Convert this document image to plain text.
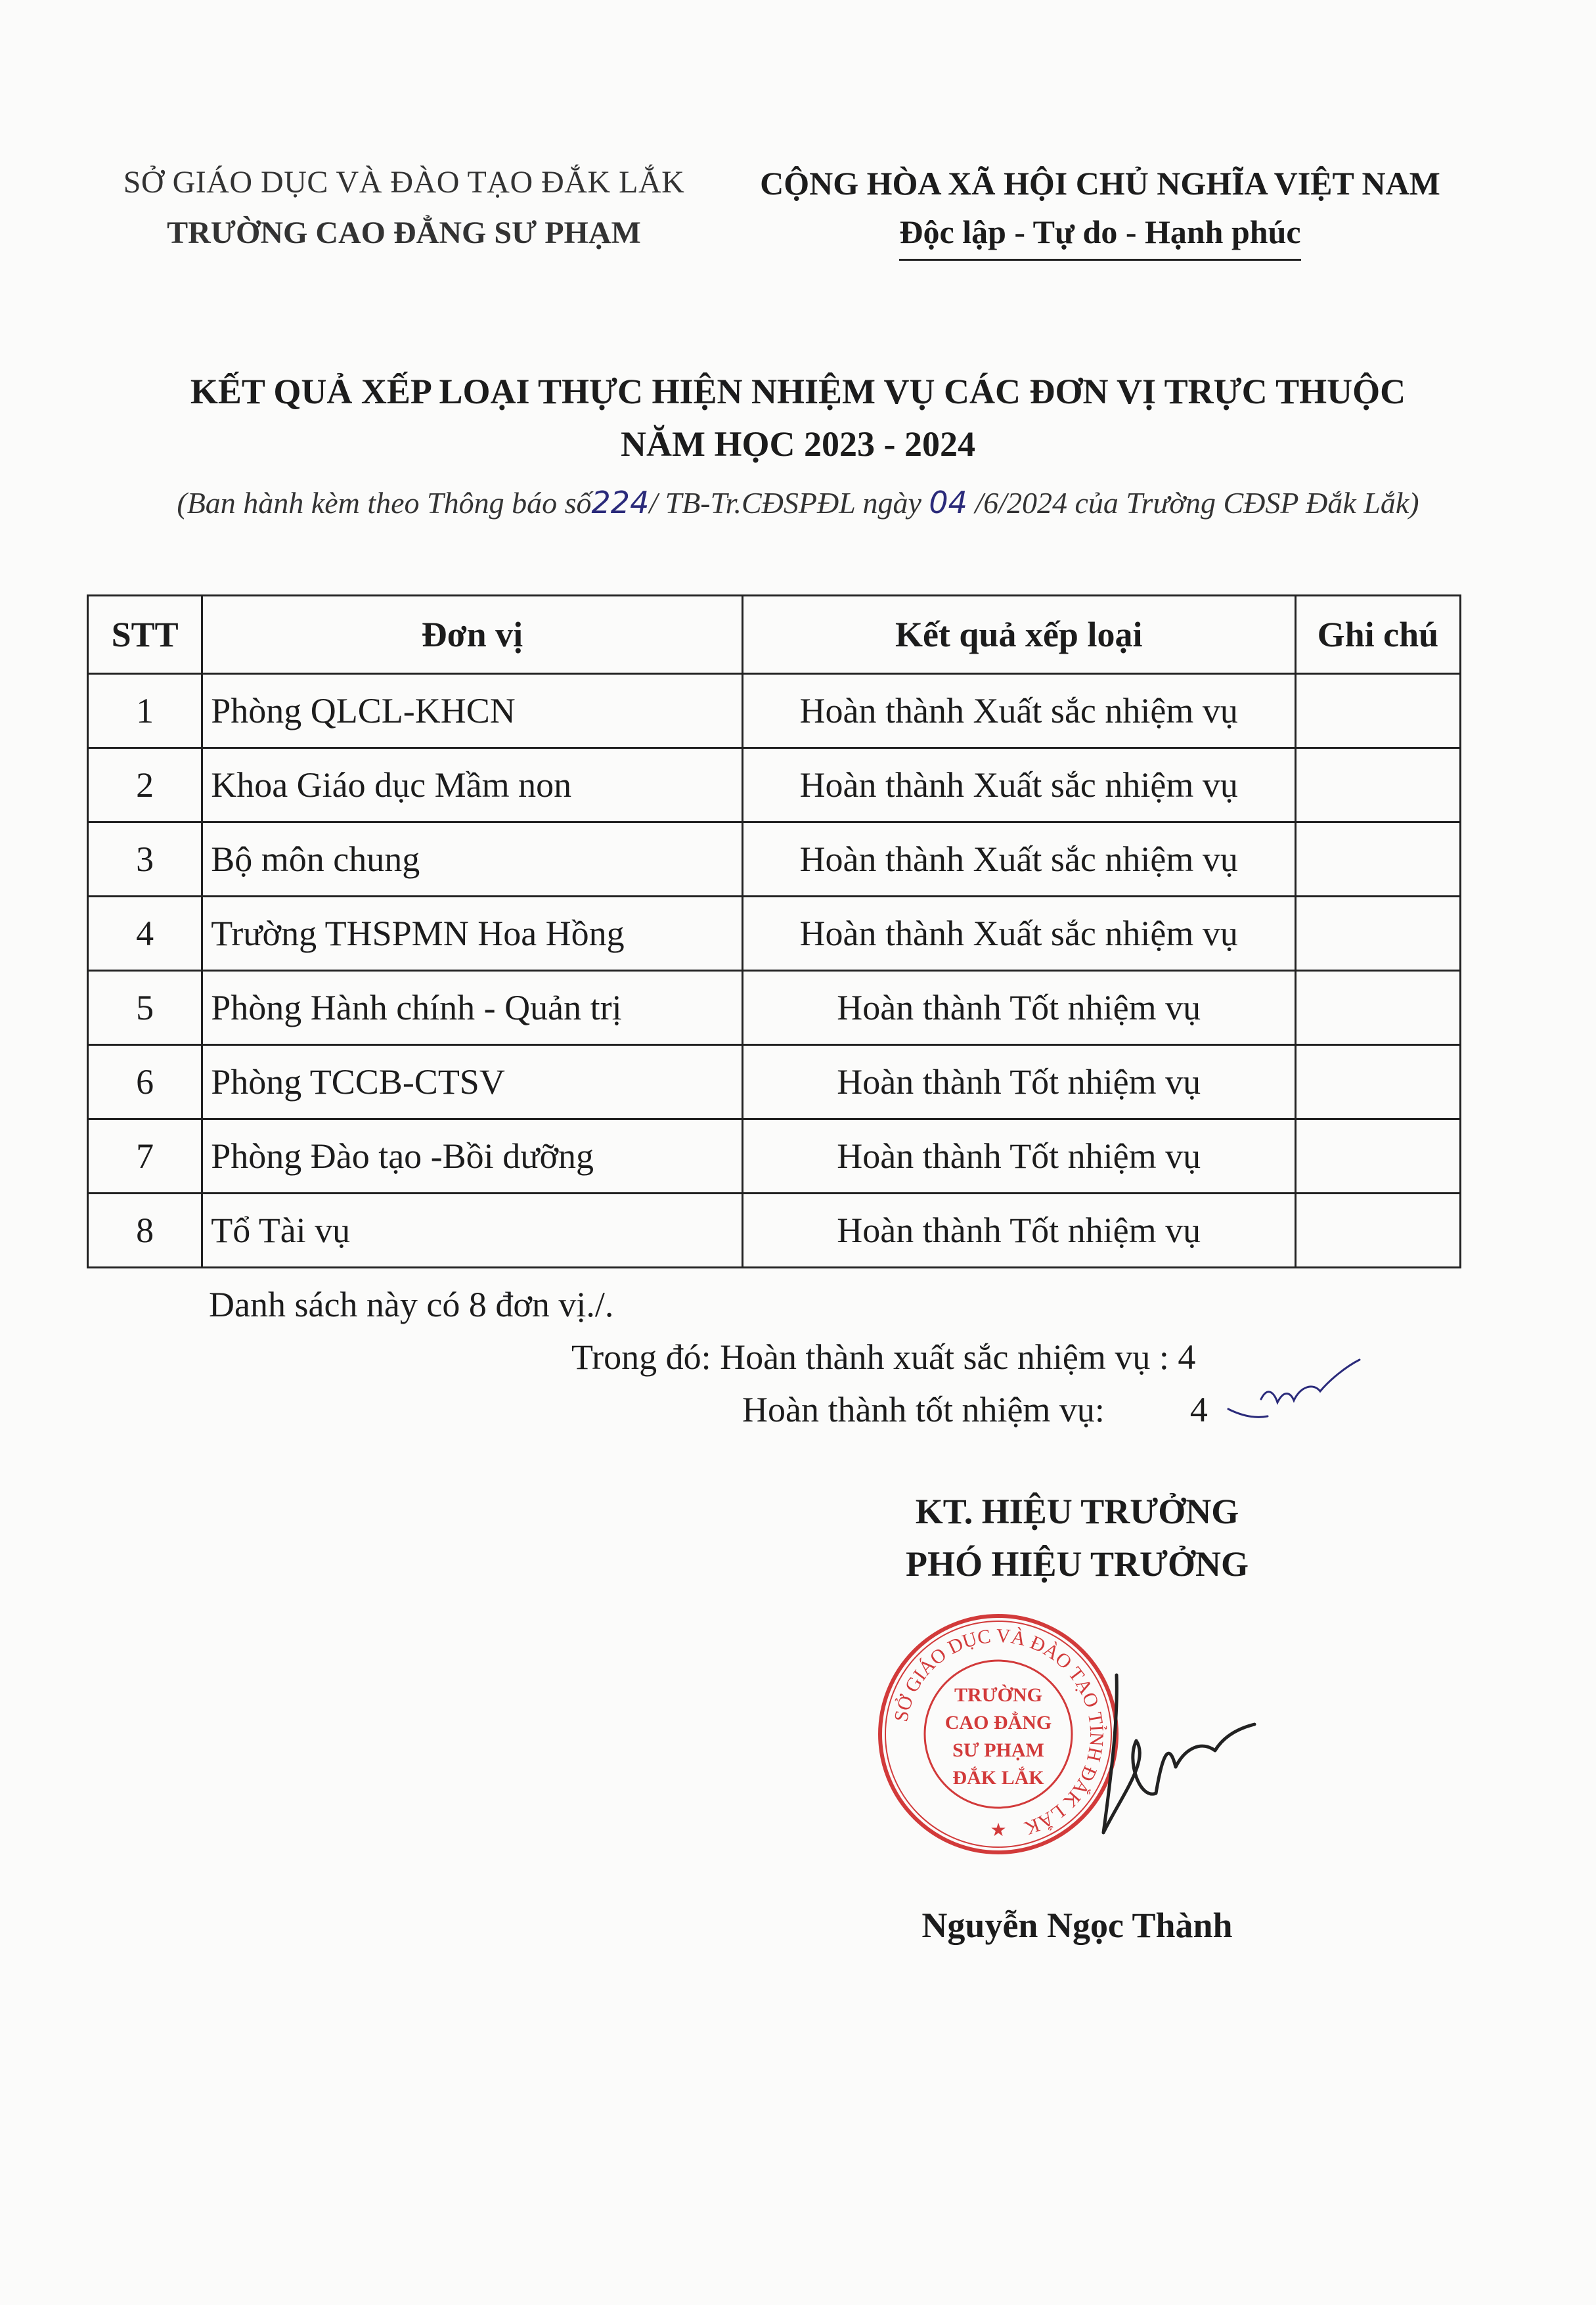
SỞ GIÁO DỤC VÀ ĐÀO TẠO ĐẮK LẮK
TRƯỜNG CAO ĐẲNG SƯ PHẠM
CỘNG HÒA XÃ HỘI CHỦ NGHĨA VIỆT NAM
Độc lập - Tự do - Hạnh phúc
KẾT QUẢ XẾP LOẠI THỰC HIỆN NHIỆM VỤ CÁC ĐƠN VỊ TRỰC THUỘC
NĂM HỌC 2023 - 2024
(Ban hành kèm theo Thông báo số224/ TB-Tr.CĐSPĐL ngày 04 /6/2024 của Trường CĐSP Đắk Lắk)
STT	Đơn vị	Kết quả xếp loại	Ghi chú
1	Phòng QLCL-KHCN	Hoàn thành Xuất sắc nhiệm vụ	
2	Khoa Giáo dục Mầm non	Hoàn thành Xuất sắc nhiệm vụ	
3	Bộ môn chung	Hoàn thành Xuất sắc nhiệm vụ	
4	Trường THSPMN Hoa Hồng	Hoàn thành Xuất sắc nhiệm vụ	
5	Phòng Hành chính - Quản trị	Hoàn thành Tốt nhiệm vụ	
6	Phòng TCCB-CTSV	Hoàn thành Tốt nhiệm vụ	
7	Phòng Đào tạo -Bồi dưỡng	Hoàn thành Tốt nhiệm vụ	
8	Tổ Tài vụ	Hoàn thành Tốt nhiệm vụ	
Danh sách này có 8 đơn vị./.
Trong đó: Hoàn thành xuất sắc nhiệm vụ : 4
Hoàn thành tốt nhiệm vụ: 4
KT. HIỆU TRƯỞNG
PHÓ HIỆU TRƯỞNG
SỞ GIÁO DỤC VÀ ĐÀO TẠO TỈNH ĐẮK LẮK
TRƯỜNG
CAO ĐẲNG
SƯ PHẠM
ĐẮK LẮK
★
Nguyễn Ngọc Thành
